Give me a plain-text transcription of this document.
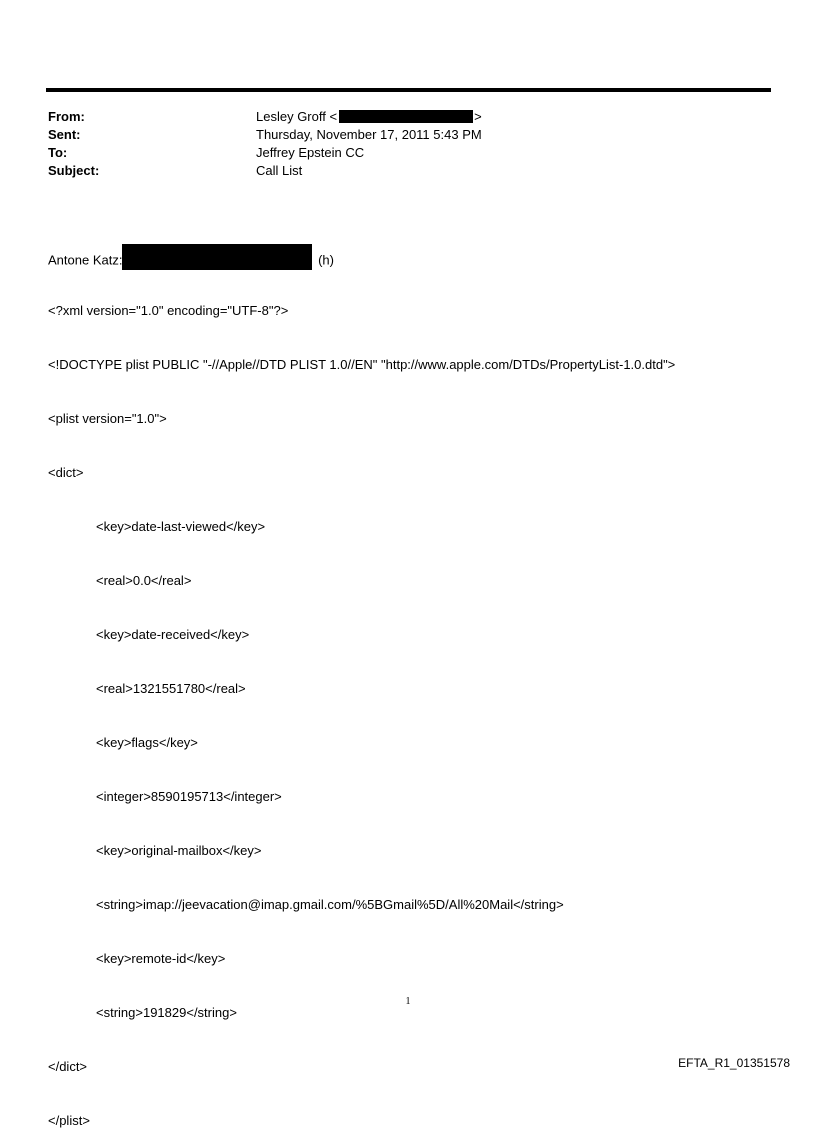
From:	Lesley Groff <	>
Sent:	Thursday, November 17, 2011 5:43 PM
To:	Jeffrey Epstein CC
Subject:	Call List

Antone Katz:	(h)

<?xml version="1.0" encoding="UTF-8"?>

<!DOCTYPE plist PUBLIC "-//Apple//DTD PLIST 1.0//EN" "http://www.apple.com/DTDs/PropertyList-1.0.dtd">

<plist version="1.0">

<dict>

<key>date-last-viewed</key>

<real>0.0</real>

<key>date-received</key>

<real>1321551780</real>

<key>flags</key>

<integer>8590195713</integer>

<key>original-mailbox</key>

<string>imap://jeevacation@imap.gmail.com/%5BGmail%5D/All%20Mail</string>

<key>remote-id</key>

<string>191829</string>

</dict>

</plist>

1
EFTA_R1_01351578
